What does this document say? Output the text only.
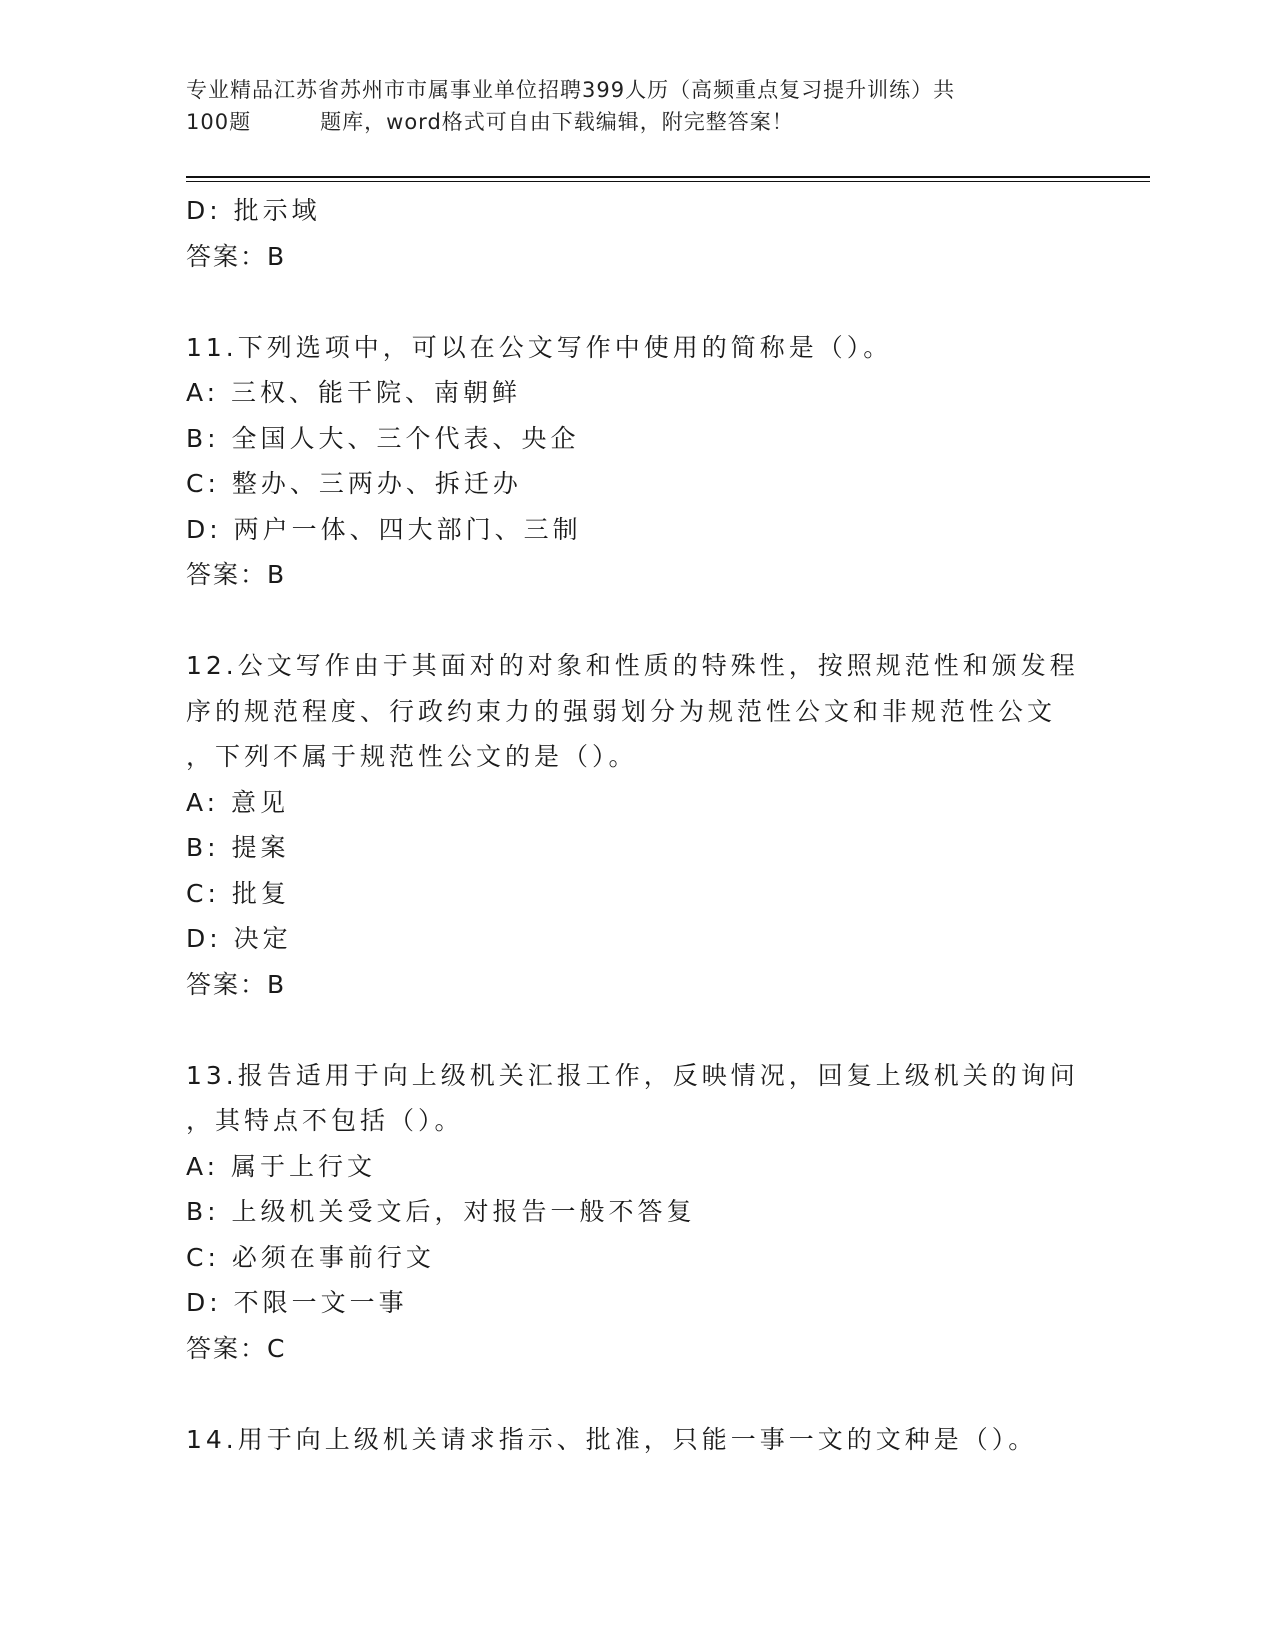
专业精品江苏省苏州市市属事业单位招聘399人历（高频重点复习提升训练）共
100题         题库，word格式可自由下载编辑，附完整答案！
D: 批示域
答案：B
11.下列选项中，可以在公文写作中使用的简称是（）。
A: 三权、能干院、南朝鲜
B: 全国人大、三个代表、央企
C: 整办、三两办、拆迁办
D: 两户一体、四大部门、三制
答案：B
12.公文写作由于其面对的对象和性质的特殊性，按照规范性和颁发程
序的规范程度、行政约束力的强弱划分为规范性公文和非规范性公文
，下列不属于规范性公文的是（）。
A: 意见
B: 提案
C: 批复
D: 决定
答案：B
13.报告适用于向上级机关汇报工作，反映情况，回复上级机关的询问
，其特点不包括（）。
A: 属于上行文
B: 上级机关受文后，对报告一般不答复
C: 必须在事前行文
D: 不限一文一事
答案：C
14.用于向上级机关请求指示、批准，只能一事一文的文种是（）。
